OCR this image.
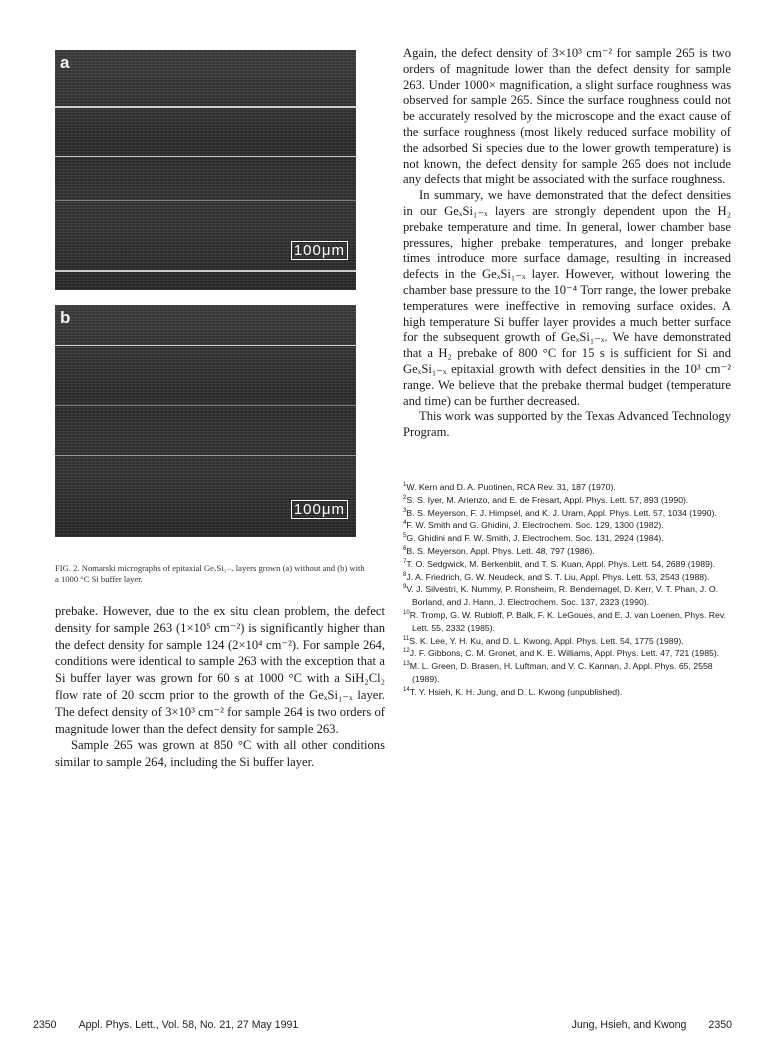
a
100μm
b
100μm
FIG. 2. Nomarski micrographs of epitaxial GeₓSi₁₋ₓ layers grown (a) without and (b) with a 1000 °C Si buffer layer.

prebake. However, due to the ex situ clean problem, the defect density for sample 263 (1×10⁵ cm⁻²) is significantly higher than the defect density for sample 124 (2×10⁴ cm⁻²). For sample 264, conditions were identical to sample 263 with the exception that a Si buffer layer was grown for 60 s at 1000 °C with a SiH₂Cl₂ flow rate of 20 sccm prior to the growth of the GeₓSi₁₋ₓ layer. The defect density of 3×10³ cm⁻² for sample 264 is two orders of magnitude lower than the defect density for sample 263.

Sample 265 was grown at 850 °C with all other conditions similar to sample 264, including the Si buffer layer.

Again, the defect density of 3×10³ cm⁻² for sample 265 is two orders of magnitude lower than the defect density for sample 263. Under 1000× magnification, a slight surface roughness was observed for sample 265. Since the surface roughness could not be accurately resolved by the microscope and the exact cause of the surface roughness (most likely reduced surface mobility of the adsorbed Si species due to the lower growth temperature) is not known, the defect density for sample 265 does not include any defects that might be associated with the surface roughness.

In summary, we have demonstrated that the defect densities in our GeₓSi₁₋ₓ layers are strongly dependent upon the H₂ prebake temperature and time. In general, lower chamber base pressures, higher prebake temperatures, and longer prebake times introduce more surface damage, resulting in increased defects in the GeₓSi₁₋ₓ layer. However, without lowering the chamber base pressure to the 10⁻⁴ Torr range, the lower prebake temperatures were ineffective in removing surface oxides. A high temperature Si buffer layer provides a much better surface for the subsequent growth of GeₓSi₁₋ₓ. We have demonstrated that a H₂ prebake of 800 °C for 15 s is sufficient for Si and GeₓSi₁₋ₓ epitaxial growth with defect densities in the 10³ cm⁻² range. We believe that the prebake thermal budget (temperature and time) can be further decreased.

This work was supported by the Texas Advanced Technology Program.

$^1$W. Kern and D. A. Puotinen, RCA Rev. 31, 187 (1970).

$^2$S. S. Iyer, M. Arienzo, and E. de Fresart, Appl. Phys. Lett. 57, 893 (1990).

$^3$B. S. Meyerson, F. J. Himpsel, and K. J. Uram, Appl. Phys. Lett. 57, 1034 (1990).

$^4$F. W. Smith and G. Ghidini, J. Electrochem. Soc. 129, 1300 (1982).

$^5$G. Ghidini and F. W. Smith, J. Electrochem. Soc. 131, 2924 (1984).

$^6$B. S. Meyerson, Appl. Phys. Lett. 48, 797 (1986).

$^7$T. O. Sedgwick, M. Berkenblit, and T. S. Kuan, Appl. Phys. Lett. 54, 2689 (1989).

$^8$J. A. Friedrich, G. W. Neudeck, and S. T. Liu, Appl. Phys. Lett. 53, 2543 (1988).

$^9$V. J. Silvestri, K. Nummy, P. Ronsheim, R. Bendernagel, D. Kerr, V. T. Phan, J. O. Borland, and J. Hann, J. Electrochem. Soc. 137, 2323 (1990).

$^{10}$R. Tromp, G. W. Rubloff, P. Balk, F. K. LeGoues, and E. J. van Loenen, Phys. Rev. Lett. 55, 2332 (1985).

$^{11}$S. K. Lee, Y. H. Ku, and D. L. Kwong, Appl. Phys. Lett. 54, 1775 (1989).

$^{12}$J. F. Gibbons, C. M. Gronet, and K. E. Williams, Appl. Phys. Lett. 47, 721 (1985).

$^{13}$M. L. Green, D. Brasen, H. Luftman, and V. C. Kannan, J. Appl. Phys. 65, 2558 (1989).

$^{14}$T. Y. Hsieh, K. H. Jung, and D. L. Kwong (unpublished).

2350 Appl. Phys. Lett., Vol. 58, No. 21, 27 May 1991	Jung, Hsieh, and Kwong 2350
